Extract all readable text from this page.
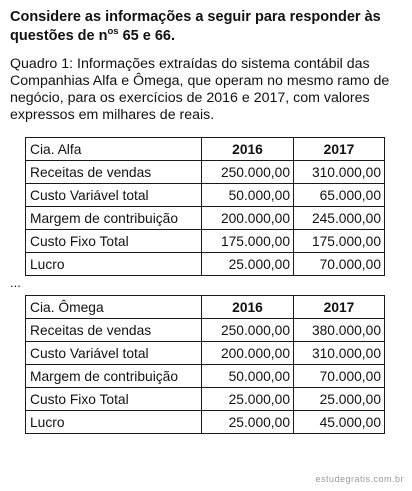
Considere as informações a seguir para responder às questões de $n^{os}$ 65 e 66.
Quadro 1: Informações extraídas do sistema contábil das Companhias Alfa e Ômega, que operam no mesmo ramo de negócio, para os exercícios de 2016 e 2017, com valores expressos em milhares de reais.
Cia. Alfa	2016	2017
Receitas de vendas	250.000,00	310.000,00
Custo Variável total	50.000,00	65.000,00
Margem de contribuição	200.000,00	245.000,00
Custo Fixo Total	175.000,00	175.000,00
Lucro	25.000,00	70.000,00
...
Cia. Ômega	2016	2017
Receitas de vendas	250.000,00	380.000,00
Custo Variável total	200.000,00	310.000,00
Margem de contribuição	50.000,00	70.000,00
Custo Fixo Total	25.000,00	25.000,00
Lucro	25.000,00	45.000,00
estudegratis.com.br
